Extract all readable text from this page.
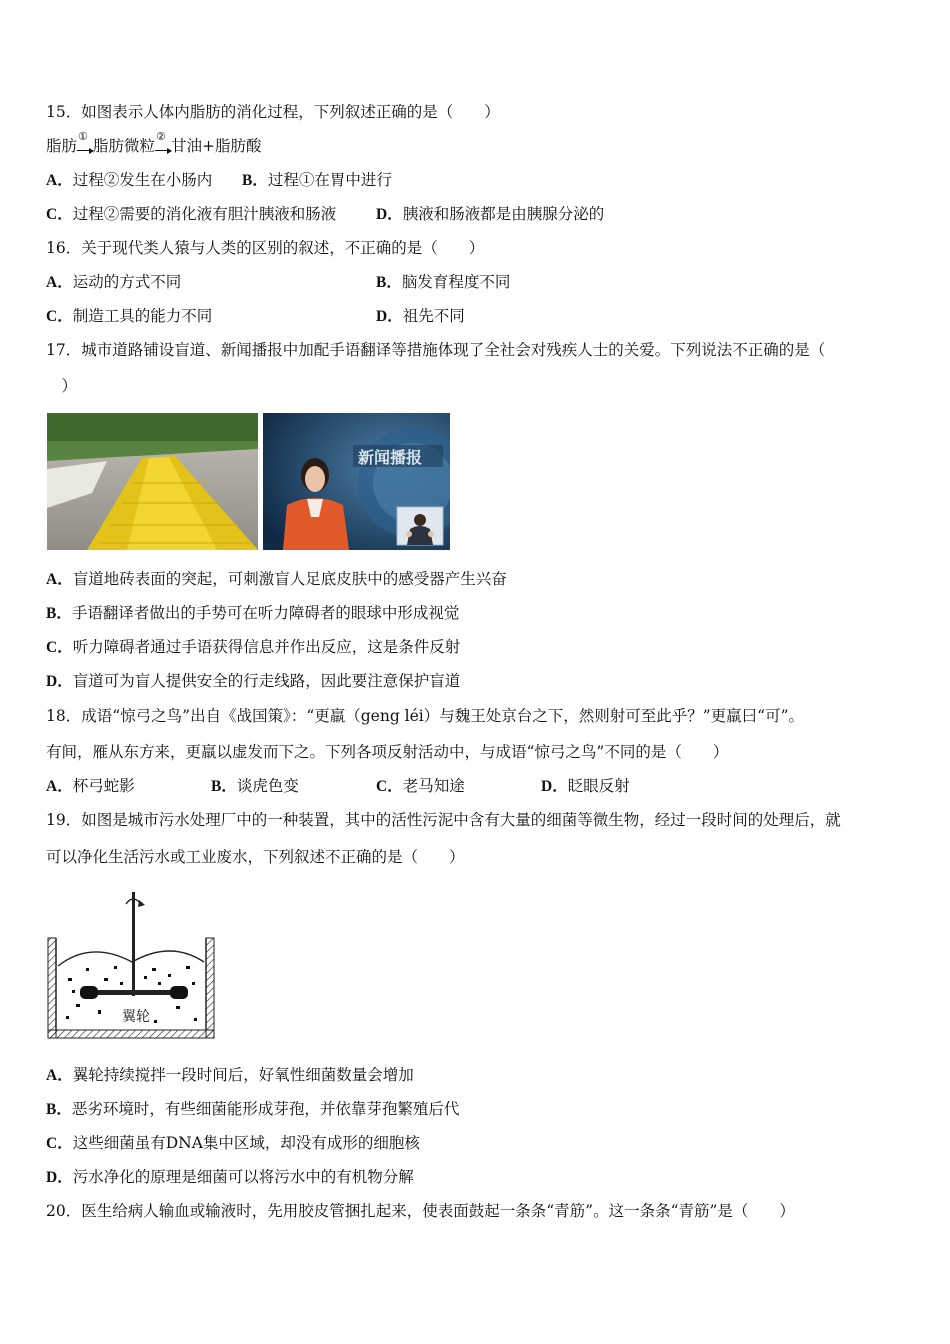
15．如图表示人体内脂肪的消化过程，下列叙述正确的是（　　）
脂肪
①
脂肪微粒
②
甘油+脂肪酸
A．过程②发生在小肠内 B．过程①在胃中进行
C．过程②需要的消化液有胆汁胰液和肠液	D．胰液和肠液都是由胰腺分泌的
16．关于现代类人猿与人类的区别的叙述，不正确的是（　　）
A．运动的方式不同	B．脑发育程度不同
C．制造工具的能力不同	D．祖先不同
17．城市道路铺设盲道、新闻播报中加配手语翻译等措施体现了全社会对残疾人士的关爱。下列说法不正确的是（
　）
新闻播报
A．盲道地砖表面的突起，可刺激盲人足底皮肤中的感受器产生兴奋
B．手语翻译者做出的手势可在听力障碍者的眼球中形成视觉
C．听力障碍者通过手语获得信息并作出反应，这是条件反射
D．盲道可为盲人提供安全的行走线路，因此要注意保护盲道
18．成语“惊弓之鸟”出自《战国策》：“更羸（geng léi）与魏王处京台之下，然则射可至此乎？”更羸曰“可”。
有间，雁从东方来，更羸以虚发而下之。下列各项反射活动中，与成语“惊弓之鸟”不同的是（　　）
A．杯弓蛇影	B．谈虎色变	C．老马知途	D．眨眼反射
19．如图是城市污水处理厂中的一种装置，其中的活性污泥中含有大量的细菌等微生物，经过一段时间的处理后，就
可以净化生活污水或工业废水，下列叙述不正确的是（　　）
翼轮
A．翼轮持续搅拌一段时间后，好氧性细菌数量会增加
B．恶劣环境时，有些细菌能形成芽孢，并依靠芽孢繁殖后代
C．这些细菌虽有DNA集中区域，却没有成形的细胞核
D．污水净化的原理是细菌可以将污水中的有机物分解
20．医生给病人输血或输液时，先用胶皮管捆扎起来，使表面鼓起一条条“青筋”。这一条条“青筋”是（　　）
